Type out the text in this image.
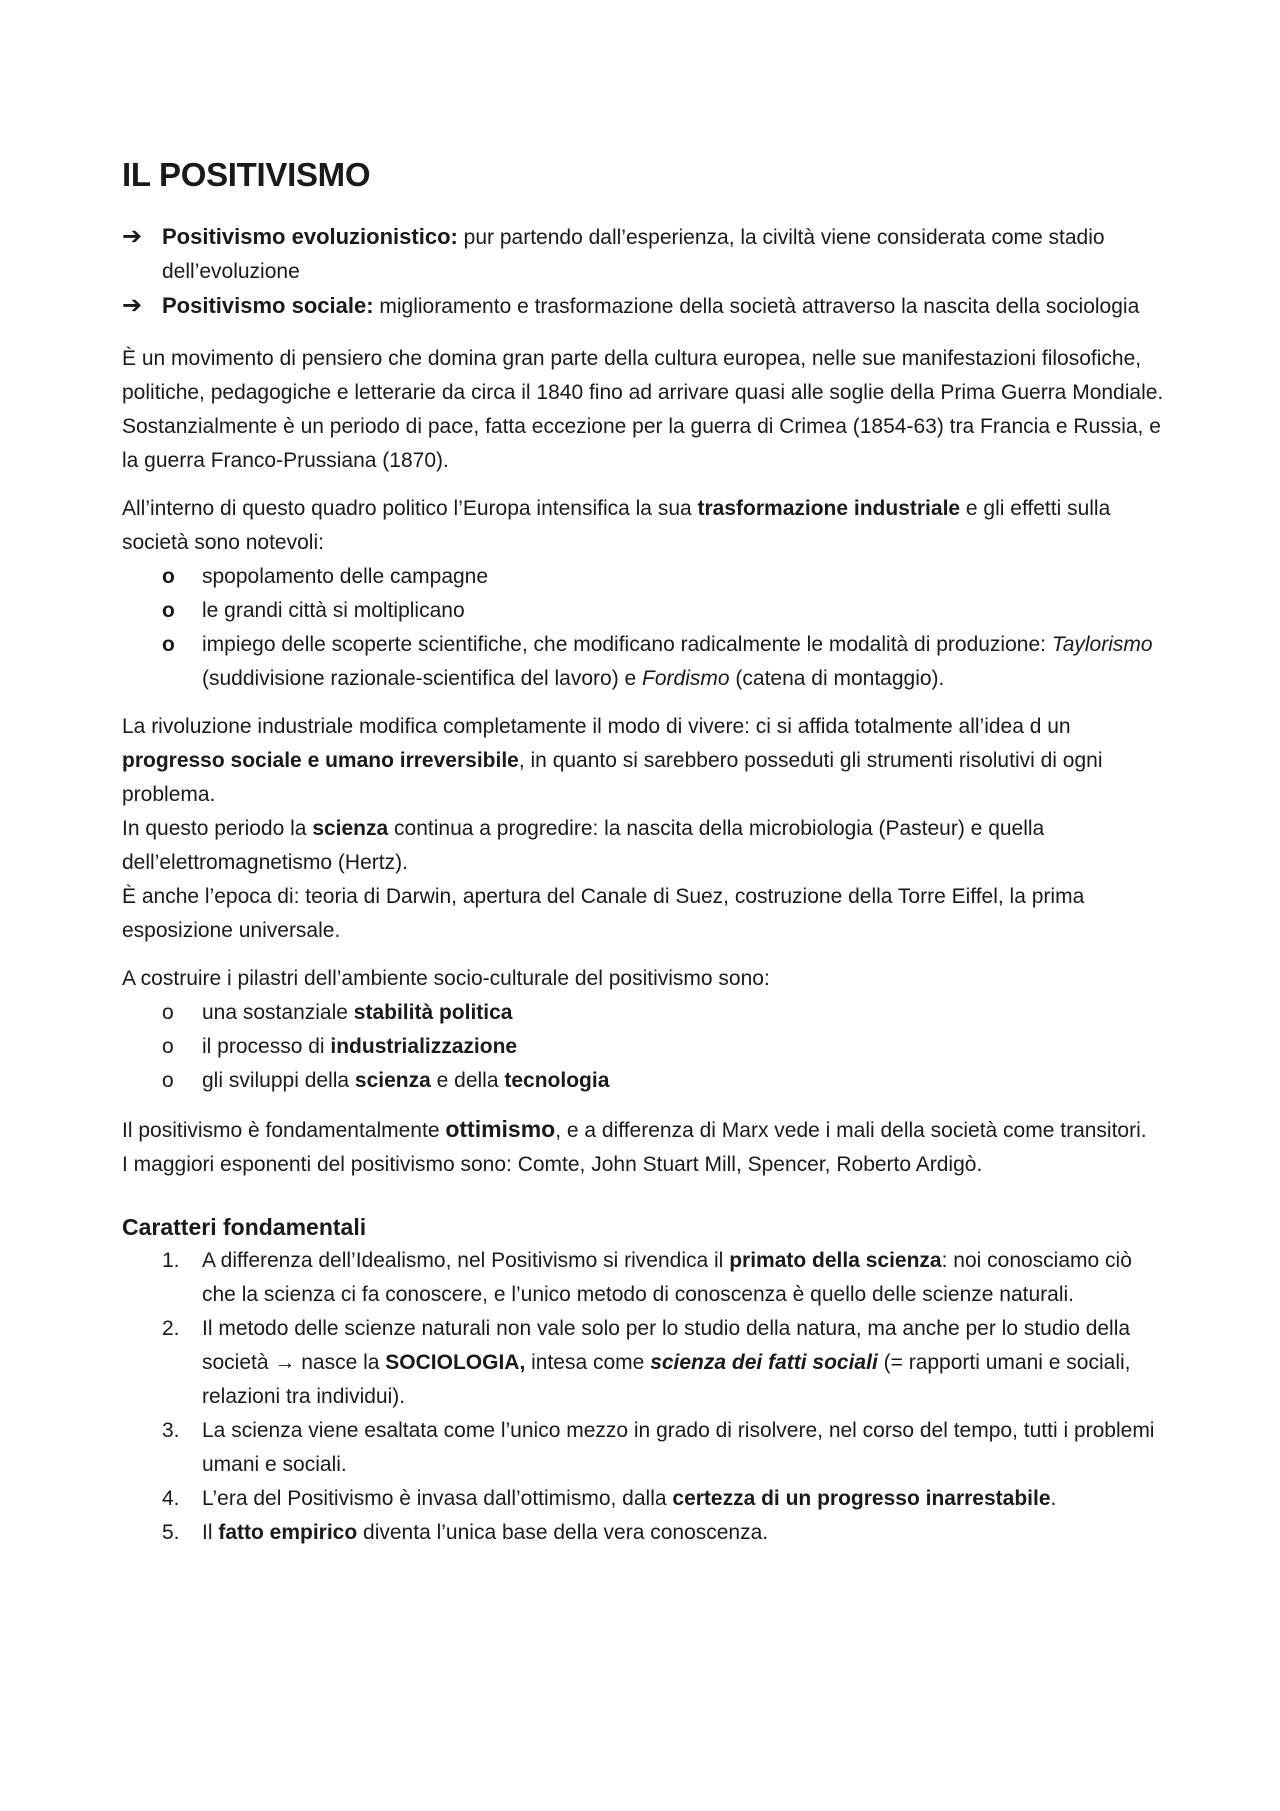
IL POSITIVISMO
➔ Positivismo evoluzionistico: pur partendo dall’esperienza, la civiltà viene considerata come stadio dell’evoluzione
➔ Positivismo sociale: miglioramento e trasformazione della società attraverso la nascita della sociologia

È un movimento di pensiero che domina gran parte della cultura europea, nelle sue manifestazioni filosofiche, politiche, pedagogiche e letterarie da circa il 1840 fino ad arrivare quasi alle soglie della Prima Guerra Mondiale.

Sostanzialmente è un periodo di pace, fatta eccezione per la guerra di Crimea (1854-63) tra Francia e Russia, e la guerra Franco-Prussiana (1870).

All’interno di questo quadro politico l’Europa intensifica la sua trasformazione industriale e gli effetti sulla società sono notevoli:

o	spopolamento delle campagne
o	le grandi città si moltiplicano
o	impiego delle scoperte scientifiche, che modificano radicalmente le modalità di produzione: Taylorismo (suddivisione razionale-scientifica del lavoro) e Fordismo (catena di montaggio).

La rivoluzione industriale modifica completamente il modo di vivere: ci si affida totalmente all’idea d un progresso sociale e umano irreversibile, in quanto si sarebbero posseduti gli strumenti risolutivi di ogni problema.

In questo periodo la scienza continua a progredire: la nascita della microbiologia (Pasteur) e quella dell’elettromagnetismo (Hertz).

È anche l’epoca di: teoria di Darwin, apertura del Canale di Suez, costruzione della Torre Eiffel, la prima esposizione universale.

A costruire i pilastri dell’ambiente socio-culturale del positivismo sono:

o	una sostanziale stabilità politica
o	il processo di industrializzazione
o	gli sviluppi della scienza e della tecnologia

Il positivismo è fondamentalmente ottimismo, e a differenza di Marx vede i mali della società come transitori.

I maggiori esponenti del positivismo sono: Comte, John Stuart Mill, Spencer, Roberto Ardigò.

Caratteri fondamentali
1.	A differenza dell’Idealismo, nel Positivismo si rivendica il primato della scienza: noi conosciamo ciò che la scienza ci fa conoscere, e l’unico metodo di conoscenza è quello delle scienze naturali.
2.	Il metodo delle scienze naturali non vale solo per lo studio della natura, ma anche per lo studio della società → nasce la SOCIOLOGIA, intesa come scienza dei fatti sociali (= rapporti umani e sociali, relazioni tra individui).
3.	La scienza viene esaltata come l’unico mezzo in grado di risolvere, nel corso del tempo, tutti i problemi umani e sociali.
4.	L’era del Positivismo è invasa dall’ottimismo, dalla certezza di un progresso inarrestabile.
5.	Il fatto empirico diventa l’unica base della vera conoscenza.
